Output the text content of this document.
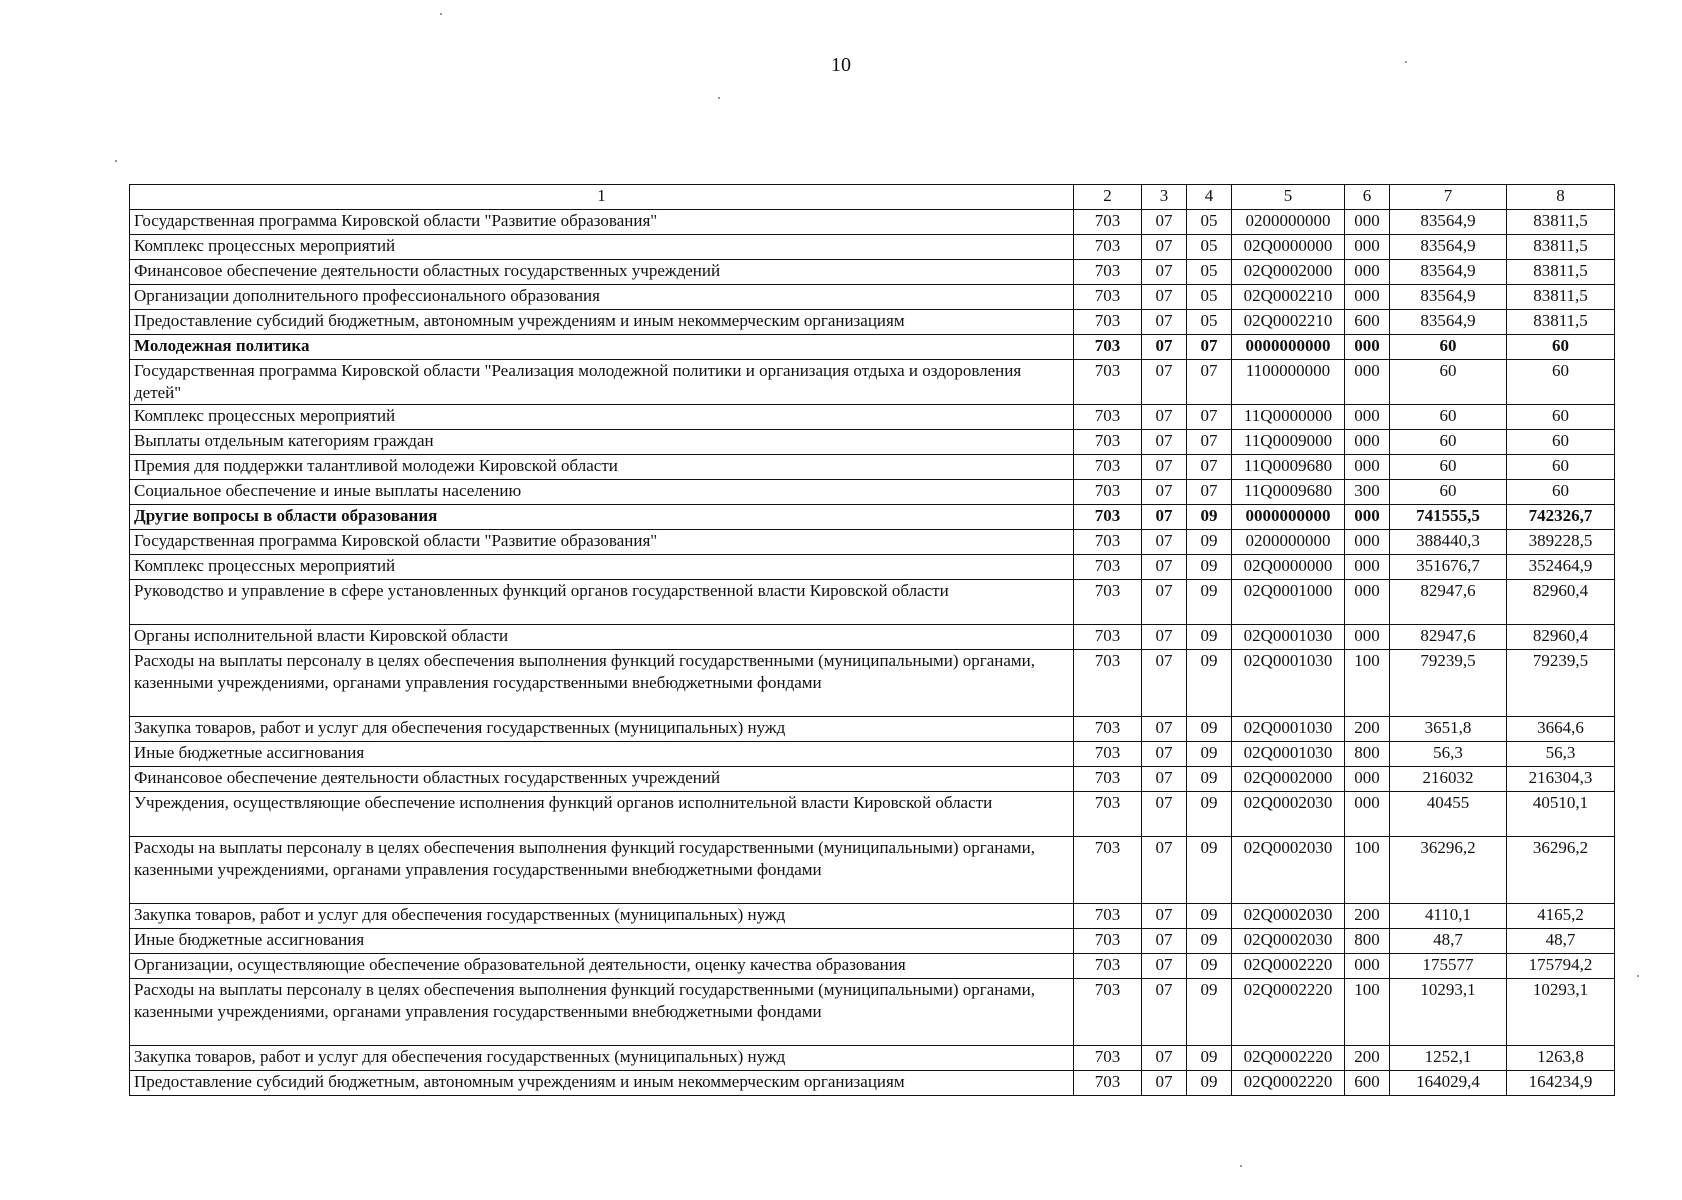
10
1	2	3	4	5	6	7	8
Государственная программа Кировской области "Развитие образования"	703	07	05	0200000000	000	83564,9	83811,5
Комплекс процессных мероприятий	703	07	05	02Q0000000	000	83564,9	83811,5
Финансовое обеспечение деятельности областных государственных учреждений	703	07	05	02Q0002000	000	83564,9	83811,5
Организации дополнительного профессионального образования	703	07	05	02Q0002210	000	83564,9	83811,5
Предоставление субсидий бюджетным, автономным учреждениям и иным некоммерческим организациям	703	07	05	02Q0002210	600	83564,9	83811,5
Молодежная политика	703	07	07	0000000000	000	60	60
Государственная программа Кировской области "Реализация молодежной политики и организация отдыха и оздоровления детей"	703	07	07	1100000000	000	60	60
Комплекс процессных мероприятий	703	07	07	11Q0000000	000	60	60
Выплаты отдельным категориям граждан	703	07	07	11Q0009000	000	60	60
Премия для поддержки талантливой молодежи Кировской области	703	07	07	11Q0009680	000	60	60
Социальное обеспечение и иные выплаты населению	703	07	07	11Q0009680	300	60	60
Другие вопросы в области образования	703	07	09	0000000000	000	741555,5	742326,7
Государственная программа Кировской области "Развитие образования"	703	07	09	0200000000	000	388440,3	389228,5
Комплекс процессных мероприятий	703	07	09	02Q0000000	000	351676,7	352464,9
Руководство и управление в сфере установленных функций органов государственной власти Кировской области	703	07	09	02Q0001000	000	82947,6	82960,4
Органы исполнительной власти Кировской области	703	07	09	02Q0001030	000	82947,6	82960,4
Расходы на выплаты персоналу в целях обеспечения выполнения функций государственными (муниципальными) органами, казенными учреждениями, органами управления государственными внебюджетными фондами	703	07	09	02Q0001030	100	79239,5	79239,5
Закупка товаров, работ и услуг для обеспечения государственных (муниципальных) нужд	703	07	09	02Q0001030	200	3651,8	3664,6
Иные бюджетные ассигнования	703	07	09	02Q0001030	800	56,3	56,3
Финансовое обеспечение деятельности областных государственных учреждений	703	07	09	02Q0002000	000	216032	216304,3
Учреждения, осуществляющие обеспечение исполнения функций органов исполнительной власти Кировской области	703	07	09	02Q0002030	000	40455	40510,1
Расходы на выплаты персоналу в целях обеспечения выполнения функций государственными (муниципальными) органами, казенными учреждениями, органами управления государственными внебюджетными фондами	703	07	09	02Q0002030	100	36296,2	36296,2
Закупка товаров, работ и услуг для обеспечения государственных (муниципальных) нужд	703	07	09	02Q0002030	200	4110,1	4165,2
Иные бюджетные ассигнования	703	07	09	02Q0002030	800	48,7	48,7
Организации, осуществляющие обеспечение образовательной деятельности, оценку качества образования	703	07	09	02Q0002220	000	175577	175794,2
Расходы на выплаты персоналу в целях обеспечения выполнения функций государственными (муниципальными) органами, казенными учреждениями, органами управления государственными внебюджетными фондами	703	07	09	02Q0002220	100	10293,1	10293,1
Закупка товаров, работ и услуг для обеспечения государственных (муниципальных) нужд	703	07	09	02Q0002220	200	1252,1	1263,8
Предоставление субсидий бюджетным, автономным учреждениям и иным некоммерческим организациям	703	07	09	02Q0002220	600	164029,4	164234,9
